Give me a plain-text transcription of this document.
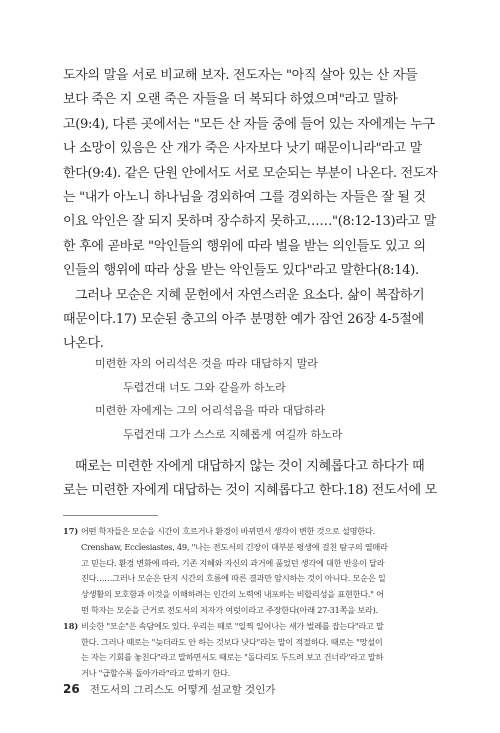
도자의 말을 서로 비교해 보자. 전도자는 "아직 살아 있는 산 자들
보다 죽은 지 오랜 죽은 자들을 더 복되다 하였으며"라고 말하
고(9:4), 다른 곳에서는 "모든 산 자들 중에 들어 있는 자에게는 누구
나 소망이 있음은 산 개가 죽은 사자보다 낫기 때문이니라"라고 말
한다(9:4). 같은 단원 안에서도 서로 모순되는 부분이 나온다. 전도자
는 "내가 아노니 하나님을 경외하여 그를 경외하는 자들은 잘 될 것
이요 악인은 잘 되지 못하며 장수하지 못하고……"(8:12-13)라고 말
한 후에 곧바로 "악인들의 행위에 따라 벌을 받는 의인들도 있고 의
인들의 행위에 따라 상을 받는 악인들도 있다"라고 말한다(8:14).
그러나 모순은 지혜 문헌에서 자연스러운 요소다. 삶이 복잡하기
때문이다.17) 모순된 충고의 아주 분명한 예가 잠언 26장 4-5절에
나온다.
미련한 자의 어리석은 것을 따라 대답하지 말라
두렵건대 너도 그와 같을까 하노라
미련한 자에게는 그의 어리석음을 따라 대답하라
두렵건대 그가 스스로 지혜롭게 여길까 하노라
때로는 미련한 자에게 대답하지 않는 것이 지혜롭다고 하다가 때
로는 미련한 자에게 대답하는 것이 지혜롭다고 한다.18) 전도서에 모
17) 어떤 학자들은 모순을 시간이 흐르거나 환경이 바뀌면서 생각이 변한 것으로 설명한다.
Crenshaw, Ecclesiastes, 49, "나는 전도서의 긴장이 대부분 평생에 걸친 탐구의 열매라
고 믿는다. 환경 변화에 따라, 기존 지혜와 자신의 과거에 품었던 생각에 대한 반응이 달라
진다……그러나 모순은 단지 시간의 흐름에 따른 결과만 암시하는 것이 아니다. 모순은 일
상생활의 모호함과 이것을 이해하려는 인간의 노력에 내포하는 비합리성을 표현한다." 어
떤 학자는 모순을 근거로 전도서의 저자가 여럿이라고 주장한다(아래 27-31쪽을 보라).
18) 비슷한 "모순"은 속담에도 있다. 우리는 때로 "일찍 일어나는 새가 벌레를 잡는다"라고 말
한다. 그러나 때로는 "늦더라도 안 하는 것보다 낫다"라는 말이 적절하다. 때로는 "망설이
는 자는 기회를 놓친다"라고 말하면서도 때로는 "돌다리도 두드려 보고 건너라"라고 말하
거나 "급할수록 돌아가라"라고 말하기 한다.
26 전도서의 그리스도 어떻게 설교할 것인가
